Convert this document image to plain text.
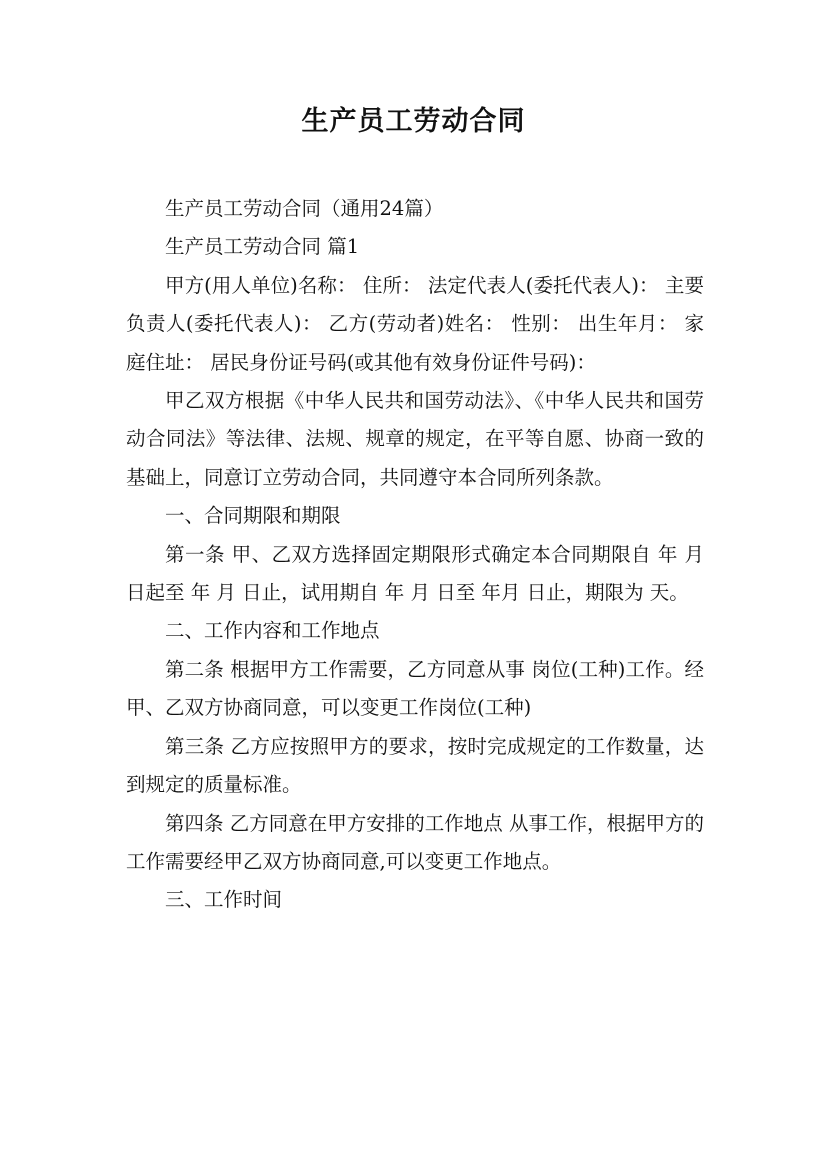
生产员工劳动合同

生产员工劳动合同（通用24篇）

生产员工劳动合同 篇1

甲方(用人单位)名称： 住所： 法定代表人(委托代表人)： 主要负责人(委托代表人)： 乙方(劳动者)姓名： 性别： 出生年月： 家庭住址： 居民身份证号码(或其他有效身份证件号码)：

甲乙双方根据《中华人民共和国劳动法》、《中华人民共和国劳动合同法》等法律、法规、规章的规定，在平等自愿、协商一致的基础上，同意订立劳动合同，共同遵守本合同所列条款。

一、合同期限和期限

第一条 甲、乙双方选择固定期限形式确定本合同期限自 年 月 日起至 年 月 日止，试用期自 年 月 日至 年月 日止，期限为 天。

二、工作内容和工作地点

第二条 根据甲方工作需要，乙方同意从事 岗位(工种)工作。经甲、乙双方协商同意，可以变更工作岗位(工种)

第三条 乙方应按照甲方的要求，按时完成规定的工作数量，达到规定的质量标准。

第四条 乙方同意在甲方安排的工作地点 从事工作，根据甲方的工作需要经甲乙双方协商同意,可以变更工作地点。

三、工作时间
